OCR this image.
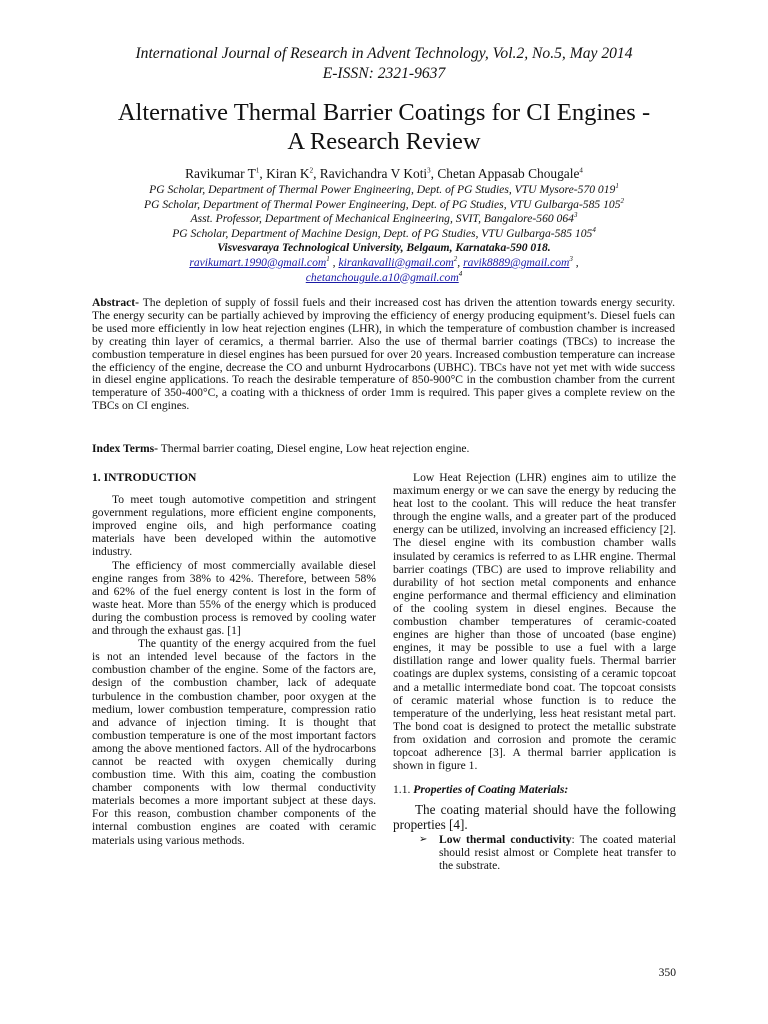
International Journal of Research in Advent Technology, Vol.2, No.5, May 2014
E-ISSN: 2321-9637
Alternative Thermal Barrier Coatings for CI Engines -
A Research Review
Ravikumar $T^1$, Kiran $K^2$, Ravichandra V Koti$^3$, Chetan Appasab Chougale$^4$
PG Scholar, Department of Thermal Power Engineering, Dept. of PG Studies, VTU Mysore-570 $019^1$
PG Scholar, Department of Thermal Power Engineering, Dept. of PG Studies, VTU Gulbarga-585 $105^2$
Asst. Professor, Department of Mechanical Engineering, SVIT, Bangalore-560 $064^3$
PG Scholar, Department of Machine Design, Dept. of PG Studies, VTU Gulbarga-585 $105^4$
Visvesvaraya Technological University, Belgaum, Karnataka-590 018.
ravikumart.1990@gmail.com$^1$ , kirankavalli@gmail.com$^2$, ravik8889@gmail.com$^3$ ,
chetanchougule.a10@gmail.com$^4$
Abstract- The depletion of supply of fossil fuels and their increased cost has driven the attention towards energy security. The energy security can be partially achieved by improving the efficiency of energy producing equipment’s. Diesel fuels can be used more efficiently in low heat rejection engines (LHR), in which the temperature of combustion chamber is increased by creating thin layer of ceramics, a thermal barrier. Also the use of thermal barrier coatings (TBCs) to increase the combustion temperature in diesel engines has been pursued for over 20 years. Increased combustion temperature can increase the efficiency of the engine, decrease the CO and unburnt Hydrocarbons (UBHC). TBCs have not yet met with wide success in diesel engine applications. To reach the desirable temperature of 850-900°C in the combustion chamber from the current temperature of 350-400°C, a coating with a thickness of order 1mm is required. This paper gives a complete review on the TBCs on CI engines.
Index Terms- Thermal barrier coating, Diesel engine, Low heat rejection engine.

1. INTRODUCTION

To meet tough automotive competition and stringent government regulations, more efficient engine components, improved engine oils, and high performance coating materials have been developed within the automotive industry.

The efficiency of most commercially available diesel engine ranges from 38% to 42%. Therefore, between 58% and 62% of the fuel energy content is lost in the form of waste heat. More than 55% of the energy which is produced during the combustion process is removed by cooling water and through the exhaust gas. [1]

The quantity of the energy acquired from the fuel is not an intended level because of the factors in the combustion chamber of the engine. Some of the factors are, design of the combustion chamber, lack of adequate turbulence in the combustion chamber, poor oxygen at the medium, lower combustion temperature, compression ratio and advance of injection timing. It is thought that combustion temperature is one of the most important factors among the above mentioned factors. All of the hydrocarbons cannot be reacted with oxygen chemically during combustion time. With this aim, coating the combustion chamber components with low thermal conductivity materials becomes a more important subject at these days. For this reason, combustion chamber components of the internal combustion engines are coated with ceramic materials using various methods.

Low Heat Rejection (LHR) engines aim to utilize the maximum energy or we can save the energy by reducing the heat lost to the coolant. This will reduce the heat transfer through the engine walls, and a greater part of the produced energy can be utilized, involving an increased efficiency [2]. The diesel engine with its combustion chamber walls insulated by ceramics is referred to as LHR engine. Thermal barrier coatings (TBC) are used to improve reliability and durability of hot section metal components and enhance engine performance and thermal efficiency and elimination of the cooling system in diesel engines. Because the combustion chamber temperatures of ceramic-coated engines are higher than those of uncoated (base engine) engines, it may be possible to use a fuel with a large distillation range and lower quality fuels. Thermal barrier coatings are duplex systems, consisting of a ceramic topcoat and a metallic intermediate bond coat. The topcoat consists of ceramic material whose function is to reduce the temperature of the underlying, less heat resistant metal part. The bond coat is designed to protect the metallic substrate from oxidation and corrosion and promote the ceramic topcoat adherence [3]. A thermal barrier application is shown in figure 1.

1.1. Properties of Coating Materials:

The coating material should have the following properties [4].

➢ Low thermal conductivity: The coated material should resist almost or Complete heat transfer to the substrate.

350
